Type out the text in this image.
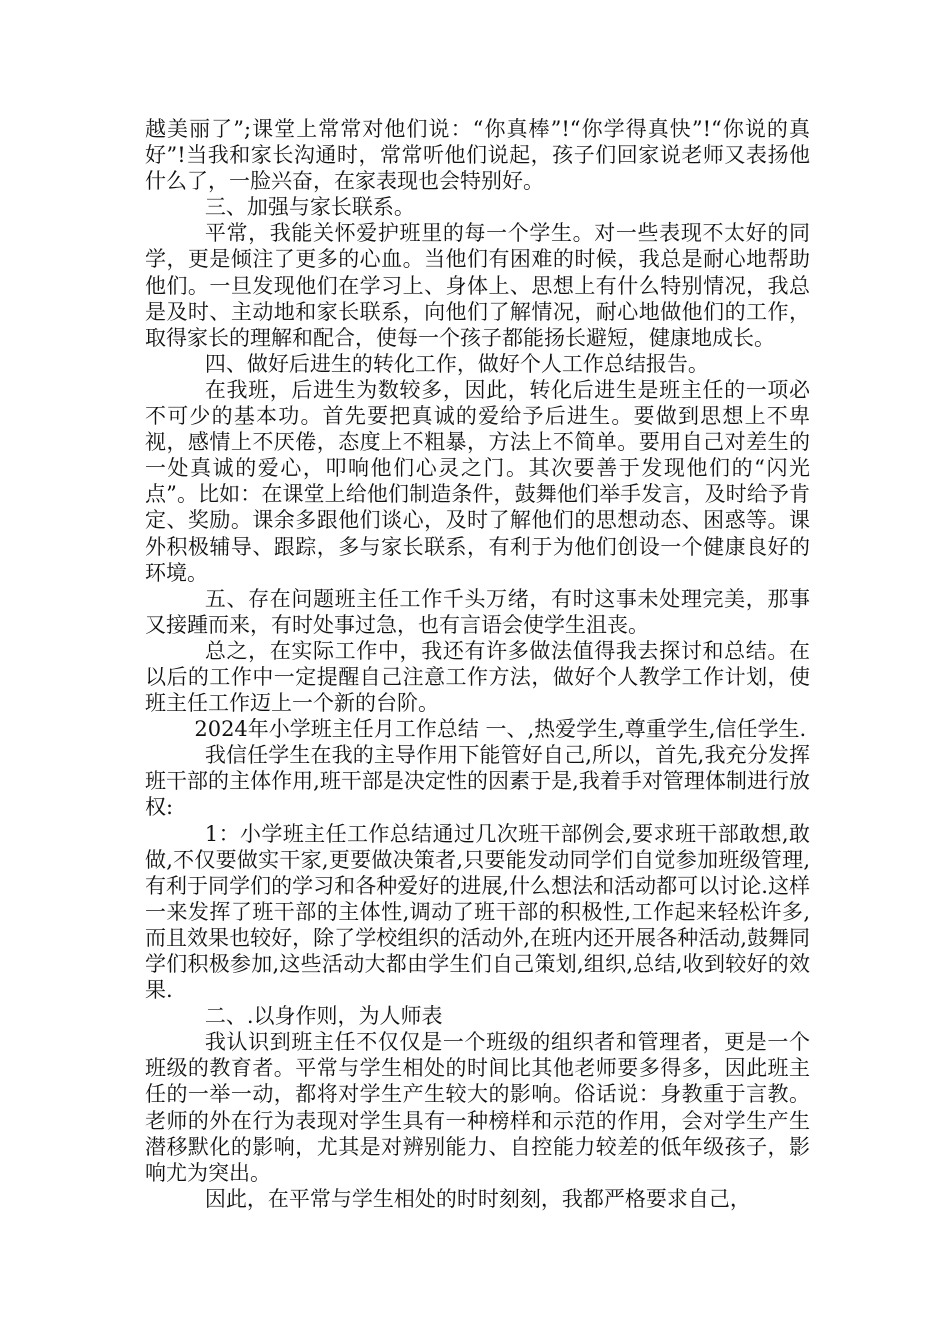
越美丽了”;课堂上常常对他们说：“你真棒”!“你学得真快”!“你说的真好”!当我和家长沟通时，常常听他们说起，孩子们回家说老师又表扬他什么了，一脸兴奋，在家表现也会特别好。

三、加强与家长联系。

平常，我能关怀爱护班里的每一个学生。对一些表现不太好的同学，更是倾注了更多的心血。当他们有困难的时候，我总是耐心地帮助他们。一旦发现他们在学习上、身体上、思想上有什么特别情况，我总是及时、主动地和家长联系，向他们了解情况，耐心地做他们的工作，取得家长的理解和配合，使每一个孩子都能扬长避短，健康地成长。

四、做好后进生的转化工作，做好个人工作总结报告。

在我班，后进生为数较多，因此，转化后进生是班主任的一项必不可少的基本功。首先要把真诚的爱给予后进生。要做到思想上不卑视，感情上不厌倦，态度上不粗暴，方法上不简单。要用自己对差生的一处真诚的爱心，叩响他们心灵之门。其次要善于发现他们的“闪光点”。比如：在课堂上给他们制造条件，鼓舞他们举手发言，及时给予肯定、奖励。课余多跟他们谈心，及时了解他们的思想动态、困惑等。课外积极辅导、跟踪，多与家长联系，有利于为他们创设一个健康良好的环境。

五、存在问题班主任工作千头万绪，有时这事未处理完美，那事又接踵而来，有时处事过急，也有言语会使学生沮丧。

总之，在实际工作中，我还有许多做法值得我去探讨和总结。在以后的工作中一定提醒自己注意工作方法，做好个人教学工作计划，使班主任工作迈上一个新的台阶。

2024年小学班主任月工作总结 一、,热爱学生,尊重学生,信任学生.

我信任学生在我的主导作用下能管好自己,所以，首先,我充分发挥班干部的主体作用,班干部是决定性的因素于是,我着手对管理体制进行放权:

1：小学班主任工作总结通过几次班干部例会,要求班干部敢想,敢做,不仅要做实干家,更要做决策者,只要能发动同学们自觉参加班级管理,有利于同学们的学习和各种爱好的进展,什么想法和活动都可以讨论.这样一来发挥了班干部的主体性,调动了班干部的积极性,工作起来轻松许多,而且效果也较好，除了学校组织的活动外,在班内还开展各种活动,鼓舞同学们积极参加,这些活动大都由学生们自己策划,组织,总结,收到较好的效果.

二、.以身作则，为人师表

我认识到班主任不仅仅是一个班级的组织者和管理者，更是一个班级的教育者。平常与学生相处的时间比其他老师要多得多，因此班主任的一举一动，都将对学生产生较大的影响。俗话说：身教重于言教。老师的外在行为表现对学生具有一种榜样和示范的作用，会对学生产生潜移默化的影响，尤其是对辨别能力、自控能力较差的低年级孩子，影响尤为突出。

因此，在平常与学生相处的时时刻刻，我都严格要求自己，
